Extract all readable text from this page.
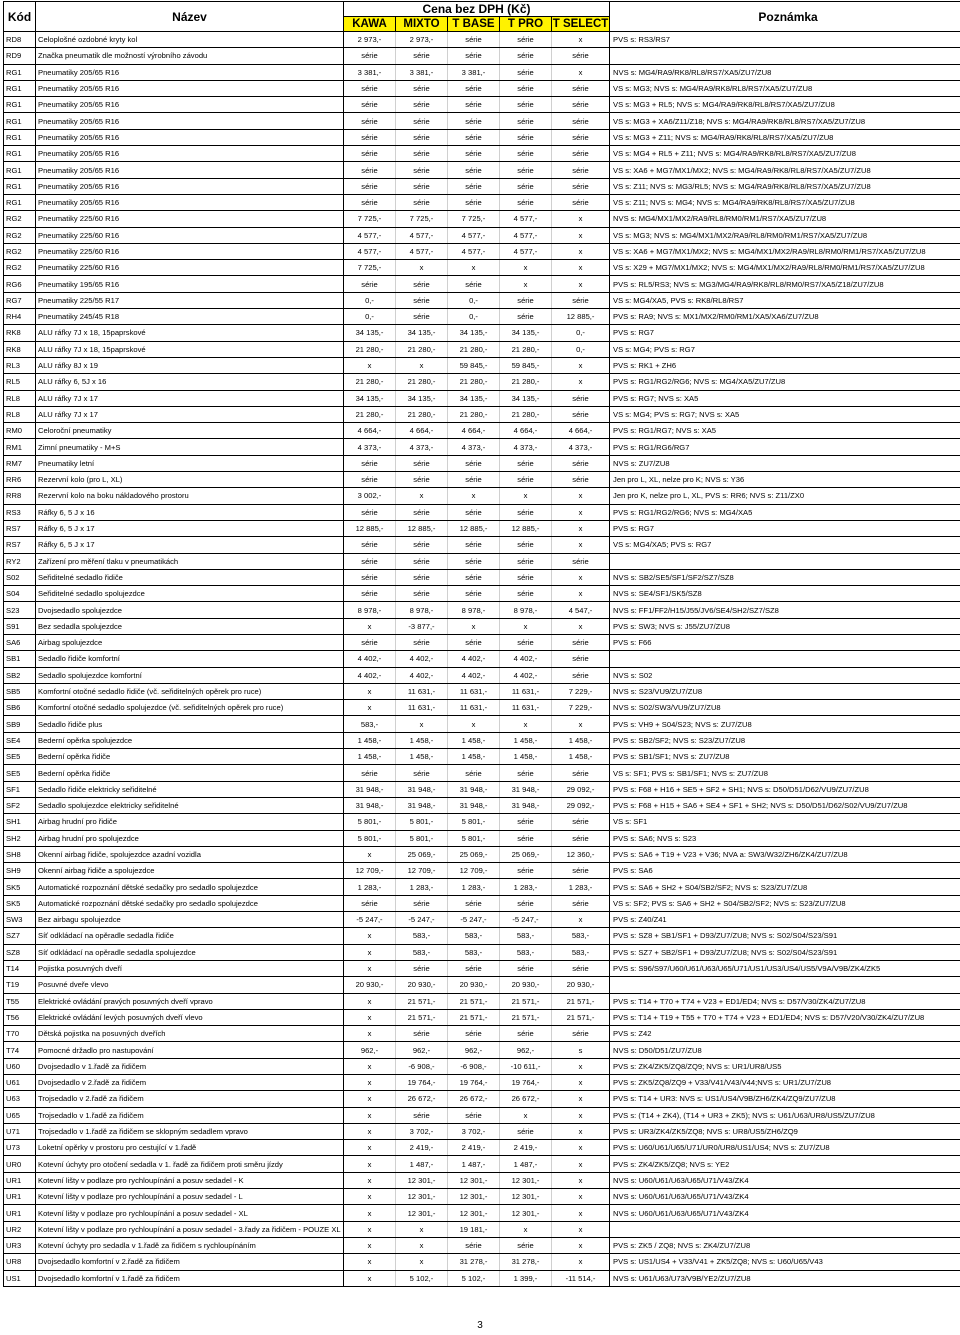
Kód	Název	Cena bez DPH (Kč)					Poznámka
		KAWA	MIXTO	T BASE	T PRO	T SELECT	
RD8	Celoplošné ozdobné kryty kol	2 973,-	2 973,-	série	série	x	PVS s: RS3/RS7
RD9	Značka pneumatik dle možností výrobního závodu	série	série	série	série	série	
RG1	Pneumatiky 205/65 R16	3 381,-	3 381,-	3 381,-	série	x	NVS s: MG4/RA9/RK8/RL8/RS7/XA5/ZU7/ZU8
RG1	Pneumatiky 205/65 R16	série	série	série	série	série	VS s: MG3; NVS s: MG4/RA9/RK8/RL8/RS7/XA5/ZU7/ZU8
RG1	Pneumatiky 205/65 R16	série	série	série	série	série	VS s: MG3 + RL5; NVS s: MG4/RA9/RK8/RL8/RS7/XA5/ZU7/ZU8
RG1	Pneumatiky 205/65 R16	série	série	série	série	série	VS s: MG3 + XA6/Z11/Z18; NVS s: MG4/RA9/RK8/RL8/RS7/XA5/ZU7/ZU8
RG1	Pneumatiky 205/65 R16	série	série	série	série	série	VS s: MG3 + Z11; NVS s: MG4/RA9/RK8/RL8/RS7/XA5/ZU7/ZU8
RG1	Pneumatiky 205/65 R16	série	série	série	série	série	VS s: MG4 + RL5 + Z11; NVS s: MG4/RA9/RK8/RL8/RS7/XA5/ZU7/ZU8
RG1	Pneumatiky 205/65 R16	série	série	série	série	série	VS s: XA6 + MG7/MX1/MX2; NVS s: MG4/RA9/RK8/RL8/RS7/XA5/ZU7/ZU8
RG1	Pneumatiky 205/65 R16	série	série	série	série	série	VS s: Z11; NVS s: MG3/RL5; NVS s: MG4/RA9/RK8/RL8/RS7/XA5/ZU7/ZU8
RG1	Pneumatiky 205/65 R16	série	série	série	série	série	VS s: Z11; NVS s: MG4; NVS s: MG4/RA9/RK8/RL8/RS7/XA5/ZU7/ZU8
RG2	Pneumatiky 225/60 R16	7 725,-	7 725,-	7 725,-	4 577,-	x	NVS s: MG4/MX1/MX2/RA9/RL8/RM0/RM1/RS7/XA5/ZU7/ZU8
RG2	Pneumatiky 225/60 R16	4 577,-	4 577,-	4 577,-	4 577,-	x	VS s: MG3; NVS s: MG4/MX1/MX2/RA9/RL8/RM0/RM1/RS7/XA5/ZU7/ZU8
RG2	Pneumatiky 225/60 R16	4 577,-	4 577,-	4 577,-	4 577,-	x	VS s: XA6 + MG7/MX1/MX2; NVS s: MG4/MX1/MX2/RA9/RL8/RM0/RM1/RS7/XA5/ZU7/ZU8
RG2	Pneumatiky 225/60 R16	7 725,-	x	x	x	x	VS s: X29 + MG7/MX1/MX2; NVS s: MG4/MX1/MX2/RA9/RL8/RM0/RM1/RS7/XA5/ZU7/ZU8
RG6	Pneumatiky 195/65 R16	série	série	série	x	x	PVS s: RL5/RS3; NVS s: MG3/MG4/RA9/RK8/RL8/RM0/RS7/XA5/Z18/ZU7/ZU8
RG7	Pneumatiky 225/55 R17	0,-	série	0,-	série	série	VS s: MG4/XA5, PVS s: RK8/RL8/RS7
RH4	Pneumatiky 245/45 R18	0,-	série	0,-	série	12 885,-	PVS s: RA9; NVS s: MX1/MX2/RM0/RM1/XA5/XA6/ZU7/ZU8
RK8	ALU ráfky 7J x 18, 15paprskové	34 135,-	34 135,-	34 135,-	34 135,-	0,-	PVS s: RG7
RK8	ALU ráfky 7J x 18, 15paprskové	21 280,-	21 280,-	21 280,-	21 280,-	0,-	VS s: MG4; PVS s: RG7
RL3	ALU ráfky 8J x 19	x	x	59 845,-	59 845,-	x	PVS s: RK1 + ZH6
RL5	ALU ráfky 6, 5J x 16	21 280,-	21 280,-	21 280,-	21 280,-	x	PVS s: RG1/RG2/RG6; NVS s: MG4/XA5/ZU7/ZU8
RL8	ALU ráfky 7J x 17	34 135,-	34 135,-	34 135,-	34 135,-	série	PVS s: RG7; NVS s: XA5
RL8	ALU ráfky 7J x 17	21 280,-	21 280,-	21 280,-	21 280,-	série	VS s: MG4; PVS s: RG7; NVS s: XA5
RM0	Celoroční pneumatiky	4 664,-	4 664,-	4 664,-	4 664,-	4 664,-	PVS s: RG1/RG7; NVS s: XA5
RM1	Zimní pneumatiky - M+S	4 373,-	4 373,-	4 373,-	4 373,-	4 373,-	PVS s: RG1/RG6/RG7
RM7	Pneumatiky letní	série	série	série	série	série	NVS s: ZU7/ZU8
RR6	Rezervní kolo (pro L, XL)	série	série	série	série	série	Jen pro L, XL, nelze pro K; NVS s: Y36
RR8	Rezervní kolo na boku nákladového prostoru	3 002,-	x	x	x	x	Jen pro K, nelze pro L, XL, PVS s: RR6; NVS s: Z11/ZX0
RS3	Ráfky 6, 5 J x 16	série	série	série	série	x	PVS s: RG1/RG2/RG6; NVS s: MG4/XA5
RS7	Ráfky 6, 5 J x 17	12 885,-	12 885,-	12 885,-	12 885,-	x	PVS s: RG7
RS7	Ráfky 6, 5 J x 17	série	série	série	série	x	VS s: MG4/XA5; PVS s: RG7
RY2	Zařízení pro měření tlaku v pneumatikách	série	série	série	série	série	
S02	Seřiditelné sedadlo řidiče	série	série	série	série	x	NVS s: SB2/SE5/SF1/SF2/SZ7/SZ8
S04	Seřiditelné sedadlo spolujezdce	série	série	série	série	x	NVS s: SE4/SF1/SK5/SZ8
S23	Dvojsedadlo spolujezdce	8 978,-	8 978,-	8 978,-	8 978,-	4 547,-	NVS s: FF1/FF2/H15/J55/JV6/SE4/SH2/SZ7/SZ8
S91	Bez sedadla spolujezdce	x	-3 877,-	x	x	x	PVS s: SW3; NVS s: J55/ZU7/ZU8
SA6	Airbag spolujezdce	série	série	série	série	série	PVS s: F66
SB1	Sedadlo řidiče komfortní	4 402,-	4 402,-	4 402,-	4 402,-	série	
SB2	Sedadlo spolujezdce komfortní	4 402,-	4 402,-	4 402,-	4 402,-	série	NVS s: S02
SB5	Komfortní otočné sedadlo řidiče (vč. seřiditelných opěrek pro ruce)	x	11 631,-	11 631,-	11 631,-	7 229,-	NVS s: S23/VU9/ZU7/ZU8
SB6	Komfortní otočné sedadlo spolujezdce (vč. seřiditelných opěrek pro ruce)	x	11 631,-	11 631,-	11 631,-	7 229,-	NVS s: S02/SW3/VU9/ZU7/ZU8
SB9	Sedadlo řidiče plus	583,-	x	x	x	x	PVS s: VH9 + S04/S23; NVS s: ZU7/ZU8
SE4	Bederní opěrka spolujezdce	1 458,-	1 458,-	1 458,-	1 458,-	1 458,-	PVS s: SB2/SF2; NVS s: S23/ZU7/ZU8
SE5	Bederní opěrka řidiče	1 458,-	1 458,-	1 458,-	1 458,-	1 458,-	PVS s: SB1/SF1; NVS s: ZU7/ZU8
SE5	Bederní opěrka řidiče	série	série	série	série	série	VS s: SF1; PVS s: SB1/SF1; NVS s: ZU7/ZU8
SF1	Sedadlo řidiče elektricky seřiditelné	31 948,-	31 948,-	31 948,-	31 948,-	29 092,-	PVS s: F68 + H16 + SE5 + SF2 + SH1; NVS s: D50/D51/D62/VU9/ZU7/ZU8
SF2	Sedadlo spolujezdce elektricky seřiditelné	31 948,-	31 948,-	31 948,-	31 948,-	29 092,-	PVS s: F68 + H15 + SA6 + SE4 + SF1 + SH2; NVS s: D50/D51/D62/S02/VU9/ZU7/ZU8
SH1	Airbag hrudní pro řidiče	5 801,-	5 801,-	5 801,-	série	série	VS s: SF1
SH2	Airbag hrudní pro spolujezdce	5 801,-	5 801,-	5 801,-	série	série	PVS s: SA6; NVS s: S23
SH8	Okenní airbag řidiče, spolujezdce azadní vozidla	x	25 069,-	25 069,-	25 069,-	12 360,-	PVS s: SA6 + T19 + V23 + V36; NVA a: SW3/W32/ZH6/ZK4/ZU7/ZU8
SH9	Okenní airbag řidiče a spolujezdce	12 709,-	12 709,-	12 709,-	série	série	PVS s: SA6
SK5	Automatické rozpoznání dětské sedačky pro sedadlo spolujezdce	1 283,-	1 283,-	1 283,-	1 283,-	1 283,-	PVS s: SA6 + SH2 + S04/SB2/SF2; NVS s: S23/ZU7/ZU8
SK5	Automatické rozpoznání dětské sedačky pro sedadlo spolujezdce	série	série	série	série	série	VS s: SF2; PVS s: SA6 + SH2 + S04/SB2/SF2; NVS s: S23/ZU7/ZU8
SW3	Bez airbagu spolujezdce	-5 247,-	-5 247,-	-5 247,-	-5 247,-	x	PVS s: Z40/Z41
SZ7	Síť odkládací na opěradle sedadla řidiče	x	583,-	583,-	583,-	583,-	PVS s: SZ8 + SB1/SF1 + D93/ZU7/ZU8; NVS s: S02/S04/S23/S91
SZ8	Síť odkládací na opěradle sedadla spolujezdce	x	583,-	583,-	583,-	583,-	PVS s: SZ7 + SB2/SF1 + D93/ZU7/ZU8; NVS s: S02/S04/S23/S91
T14	Pojistka posuvných dveří	x	série	série	série	série	PVS s: S96/S97/U60/U61/U63/U65/U71/US1/US3/US4/US5/V9A/V9B/ZK4/ZK5
T19	Posuvné dveře vlevo	20 930,-	20 930,-	20 930,-	20 930,-	20 930,-	
T55	Elektrické ovládání pravých posuvných dveří vpravo	x	21 571,-	21 571,-	21 571,-	21 571,-	PVS s: T14 + T70 + T74 + V23 + ED1/ED4; NVS s: D57/V30/ZK4/ZU7/ZU8
T56	Elektrické ovládání levých posuvných dveří vlevo	x	21 571,-	21 571,-	21 571,-	21 571,-	PVS s: T14 + T19 + T55 + T70 + T74 + V23 + ED1/ED4; NVS s: D57/V20/V30/ZK4/ZU7/ZU8
T70	Dětská pojistka na posuvných dveřích	x	série	série	série	série	PVS s: Z42
T74	Pomocné držadlo pro nastupování	962,-	962,-	962,-	962,-	s	NVS s: D50/D51/ZU7/ZU8
U60	Dvojsedadlo v 1.řadě za řidičem	x	-6 908,-	-6 908,-	-10 611,-	x	PVS s: ZK4/ZK5/ZQ8/ZQ9; NVS s: UR1/UR8/US5
U61	Dvojsedadlo v 2.řadě za řidičem	x	19 764,-	19 764,-	19 764,-	x	PVS s: ZK5/ZQ8/ZQ9 + V33/V41/V43/V44;NVS s: UR1/ZU7/ZU8
U63	Trojsedadlo v 2.řadě za řidičem	x	26 672,-	26 672,-	26 672,-	x	PVS s: T14 + UR3: NVS s: US1/US4/V9B/ZH6/ZK4/ZQ9/ZU7/ZU8
U65	Trojsedadlo v 1.řadě za řidičem	x	série	série	x	x	PVS s: (T14 + ZK4), (T14 + UR3 + ZK5); NVS s: U61/U63/UR8/US5/ZU7/ZU8
U71	Trojsedadlo v 1.řadě za řidičem se sklopným sedadlem vpravo	x	3 702,-	3 702,-	série	x	PVS s: UR3/ZK4/ZK5/ZQ8; NVS s: UR8/US5/ZH6/ZQ9
U73	Loketní opěrky v prostoru pro cestující v 1.řadě	x	2 419,-	2 419,-	2 419,-	x	PVS s: U60/U61/U65/U71/UR0/UR8/US1/US4; NVS s: ZU7/ZU8
UR0	Kotevní úchyty pro otočení sedadla v 1. řadě za řidičem proti směru jízdy	x	1 487,-	1 487,-	1 487,-	x	PVS s: ZK4/ZK5/ZQ8; NVS s: YE2
UR1	Kotevní lišty v podlaze pro rychloupínání a posuv sedadel - K	x	12 301,-	12 301,-	12 301,-	x	NVS s: U60/U61/U63/U65/U71/V43/ZK4
UR1	Kotevní lišty v podlaze pro rychloupínání a posuv sedadel - L	x	12 301,-	12 301,-	12 301,-	x	NVS s: U60/U61/U63/U65/U71/V43/ZK4
UR1	Kotevní lišty v podlaze pro rychloupínání a posuv sedadel - XL	x	12 301,-	12 301,-	12 301,-	x	NVS s: U60/U61/U63/U65/U71/V43/ZK4
UR2	Kotevní lišty v podlaze pro rychloupínání a posuv sedadel - 3.řady za řidičem - POUZE XL	x	x	19 181,-	x	x	
UR3	Kotevní úchyty pro sedadla v 1.řadě za řidičem s rychloupínáním	x	x	série	série	x	PVS s: ZK5 / ZQ8; NVS s: ZK4/ZU7/ZU8
UR8	Dvojsedadlo komfortní v 2.řadě za řidičem	x	x	31 278,-	31 278,-	x	PVS s: US1/US4 + V33/V41 + ZK5/ZQ8; NVS s: U60/U65/V43
US1	Dvojsedadlo komfortní v 1.řadě za řidičem	x	5 102,-	5 102,-	1 399,-	-11 514,-	NVS s: U61/U63/U73/V9B/YE2/ZU7/ZU8
3
